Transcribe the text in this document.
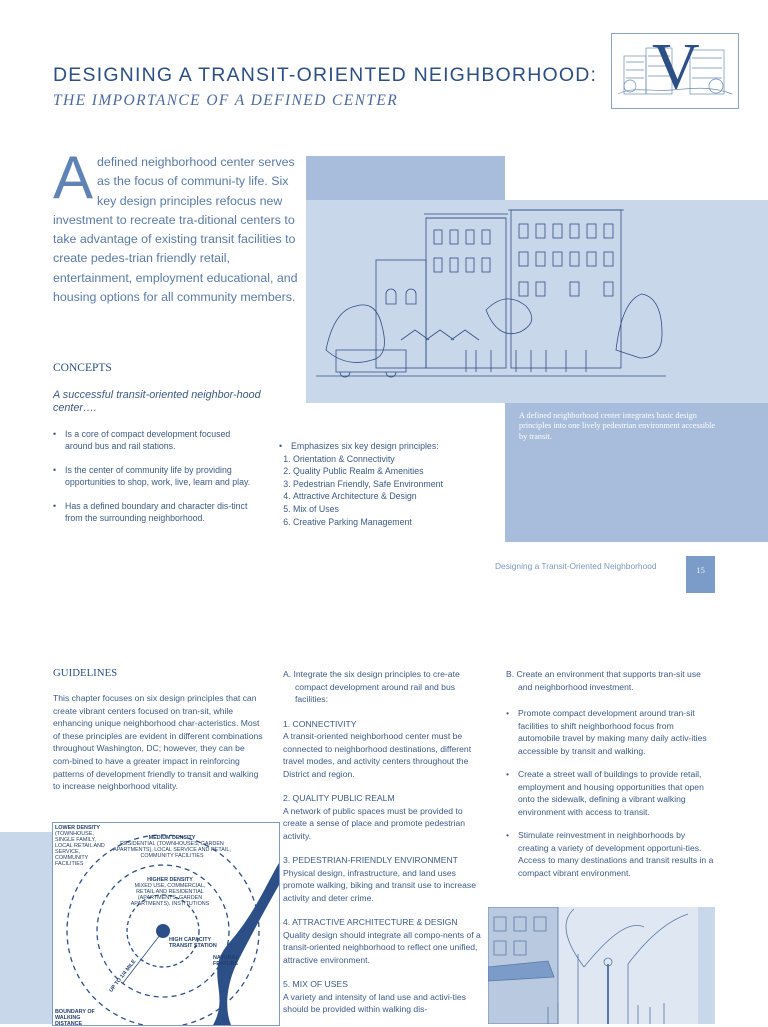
DESIGNING A TRANSIT-ORIENTED NEIGHBORHOOD:
THE IMPORTANCE OF A DEFINED CENTER	V
A defined neighborhood center serves as the focus of communi-ty life. Six key design principles refocus new investment to recreate tra-ditional centers to take advantage of existing transit facilities to create pedes-trian friendly retail, entertainment, employment educational, and housing options for all community members.
A defined neighborhood center integrates basic design principles into one lively pedestrian environment accessible by transit.
CONCEPTS
A successful transit-oriented neighbor-hood center….
• Is a core of compact development focused around bus and rail stations.
• Is the center of community life by providing opportunities to shop, work, live, learn and play.
• Has a defined boundary and character dis-tinct from the surrounding neighborhood.
• Emphasizes six key design principles:
1. Orientation & Connectivity
2. Quality Public Realm & Amenities
3. Pedestrian Friendly, Safe Environment
4. Attractive Architecture & Design
5. Mix of Uses
6. Creative Parking Management
Designing a Transit-Oriented Neighborhood	15
GUIDELINES
This chapter focuses on six design principles that can create vibrant centers focused on tran-sit, while enhancing unique neighborhood char-acteristics. Most of these principles are evident in different combinations throughout Washington, DC; however, they can be com-bined to have a greater impact in reinforcing patterns of development friendly to transit and walking to increase neighborhood vitality.

A. Integrate the six design principles to cre-ate compact development around rail and bus facilities:

1. CONNECTIVITY
A transit-oriented neighborhood center must be connected to neighborhood destinations, different travel modes, and activity centers throughout the District and region.
2. QUALITY PUBLIC REALM
A network of public spaces must be provided to create a sense of place and promote pedestrian activity.
3. PEDESTRIAN-FRIENDLY ENVIRONMENT
Physical design, infrastructure, and land uses promote walking, biking and transit use to increase activity and deter crime.
4. ATTRACTIVE ARCHITECTURE & DESIGN
Quality design should integrate all compo-nents of a transit-oriented neighborhood to reflect one unified, attractive environment.
5. MIX OF USES
A variety and intensity of land use and activi-ties should be provided within walking dis-

B. Create an environment that supports tran-sit use and neighborhood investment.

• Promote compact development around tran-sit facilities to shift neighborhood focus from automobile travel by making many daily activ-ities accessible by transit and walking.
• Create a street wall of buildings to provide retail, employment and housing opportunities that open onto the sidewalk, defining a vibrant walking environment with access to transit.
• Stimulate reinvestment in neighborhoods by creating a variety of development opportuni-ties. Access to many destinations and transit results in a compact vibrant environment.
LOWER DENSITY
(TOWNHOUSE, SINGLE FAMILY, LOCAL RETAIL AND SERVICE, COMMUNITY FACILITIES
MEDIUM DENSITY
RESIDENTIAL (TOWNHOUSES, GARDEN APARTMENTS), LOCAL SERVICE AND RETAIL, COMMUNITY FACILITIES
HIGHER DENSITY
MIXED USE, COMMERCIAL, RETAIL AND RESIDENTIAL (APARTMENTS, GARDEN APARTMENTS), INSTITUTIONS
HIGH CAPACITY TRANSIT STATION
UP TO 1/4 MILE
NATURAL FEATURE
BOUNDARY OF WALKING DISTANCE
